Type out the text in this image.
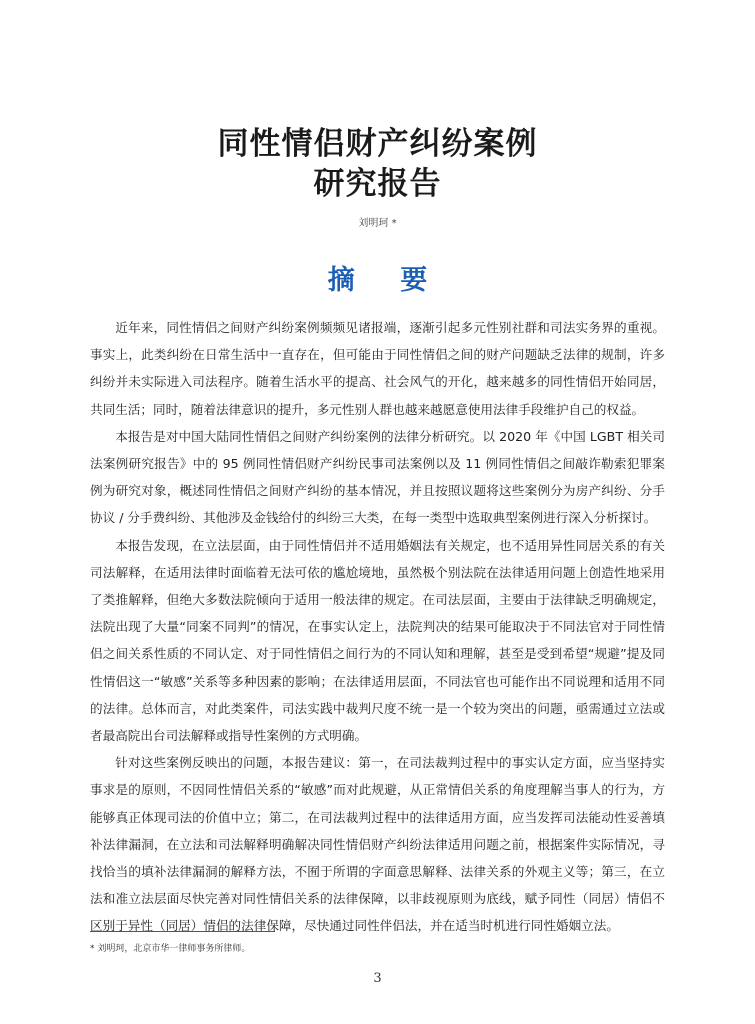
同性情侣财产纠纷案例
研究报告
刘明珂 *
摘 要

近年来，同性情侣之间财产纠纷案例频频见诸报端，逐渐引起多元性别社群和司法实务界的重视。事实上，此类纠纷在日常生活中一直存在，但可能由于同性情侣之间的财产问题缺乏法律的规制，许多纠纷并未实际进入司法程序。随着生活水平的提高、社会风气的开化，越来越多的同性情侣开始同居，共同生活；同时，随着法律意识的提升，多元性别人群也越来越愿意使用法律手段维护自己的权益。

本报告是对中国大陆同性情侣之间财产纠纷案例的法律分析研究。以 2020 年《中国 LGBT 相关司法案例研究报告》中的 95 例同性情侣财产纠纷民事司法案例以及 11 例同性情侣之间敲诈勒索犯罪案例为研究对象，概述同性情侣之间财产纠纷的基本情况，并且按照议题将这些案例分为房产纠纷、分手协议 / 分手费纠纷、其他涉及金钱给付的纠纷三大类，在每一类型中选取典型案例进行深入分析探讨。

本报告发现，在立法层面，由于同性情侣并不适用婚姻法有关规定，也不适用异性同居关系的有关司法解释，在适用法律时面临着无法可依的尴尬境地，虽然极个别法院在法律适用问题上创造性地采用了类推解释，但绝大多数法院倾向于适用一般法律的规定。在司法层面，主要由于法律缺乏明确规定，法院出现了大量“同案不同判”的情况，在事实认定上，法院判决的结果可能取决于不同法官对于同性情侣之间关系性质的不同认定、对于同性情侣之间行为的不同认知和理解，甚至是受到希望“规避”提及同性情侣这一“敏感”关系等多种因素的影响；在法律适用层面，不同法官也可能作出不同说理和适用不同的法律。总体而言，对此类案件，司法实践中裁判尺度不统一是一个较为突出的问题，亟需通过立法或者最高院出台司法解释或指导性案例的方式明确。

针对这些案例反映出的问题，本报告建议：第一，在司法裁判过程中的事实认定方面，应当坚持实事求是的原则，不因同性情侣关系的“敏感”而对此规避，从正常情侣关系的角度理解当事人的行为，方能够真正体现司法的价值中立；第二，在司法裁判过程中的法律适用方面，应当发挥司法能动性妥善填补法律漏洞，在立法和司法解释明确解决同性情侣财产纠纷法律适用问题之前，根据案件实际情况，寻找恰当的填补法律漏洞的解释方法，不囿于所谓的字面意思解释、法律关系的外观主义等；第三，在立法和准立法层面尽快完善对同性情侣关系的法律保障，以非歧视原则为底线，赋予同性（同居）情侣不区别于异性（同居）情侣的法律保障，尽快通过同性伴侣法，并在适当时机进行同性婚姻立法。

* 刘明珂，北京市华一律师事务所律师。
3
